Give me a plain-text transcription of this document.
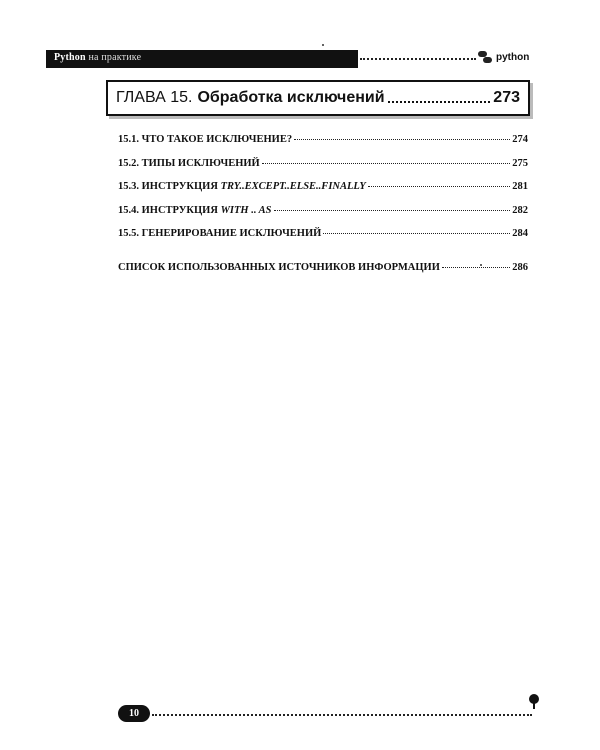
Python на практике	python
ГЛАВА 15. Обработка исключений	273
15.1. ЧТО ТАКОЕ ИСКЛЮЧЕНИЕ?	274
15.2. ТИПЫ ИСКЛЮЧЕНИЙ	275
15.3. ИНСТРУКЦИЯ TRY..EXCEPT..ELSE..FINALLY	281
15.4. ИНСТРУКЦИЯ WITH .. AS	282
15.5. ГЕНЕРИРОВАНИЕ ИСКЛЮЧЕНИЙ	284
СПИСОК ИСПОЛЬЗОВАННЫХ ИСТОЧНИКОВ ИНФОРМАЦИИ	286
10
